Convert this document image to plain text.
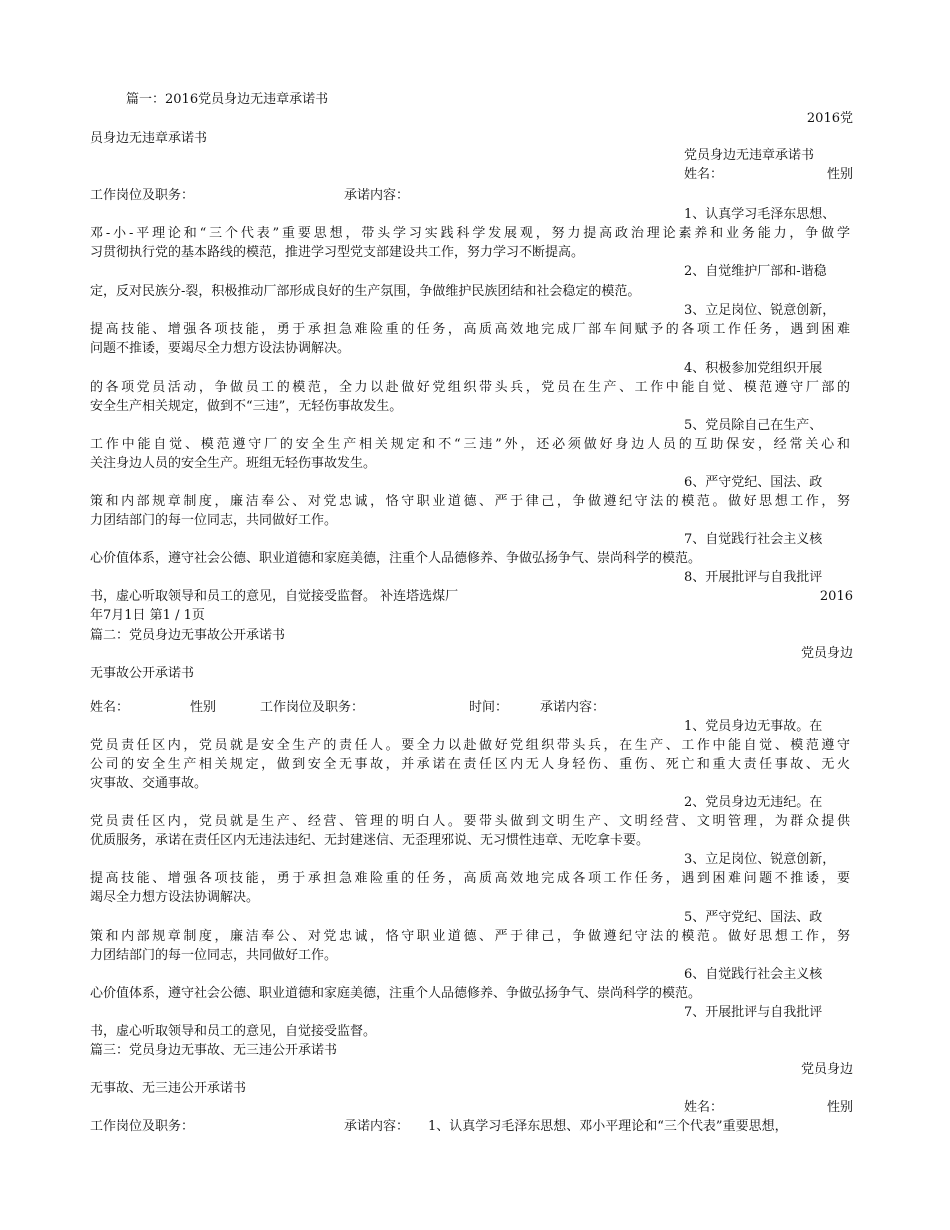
篇一：2016党员身边无违章承诺书
2016党
员身边无违章承诺书
党员身边无违章承诺书
姓名：	性别
工作岗位及职务：	承诺内容：
1、认真学习毛泽东思想、
邓-小-平理论和“三个代表”重要思想，带头学习实践科学发展观，努力提高政治理论素养和业务能力，争做学
习贯彻执行党的基本路线的模范，推进学习型党支部建设共工作，努力学习不断提高。
2、自觉维护厂部和-谐稳
定，反对民族分-裂，积极推动厂部形成良好的生产氛围，争做维护民族团结和社会稳定的模范。
3、立足岗位、锐意创新，
提高技能、增强各项技能，勇于承担急难险重的任务，高质高效地完成厂部车间赋予的各项工作任务，遇到困难
问题不推诿，要竭尽全力想方设法协调解决。
4、积极参加党组织开展
的各项党员活动，争做员工的模范，全力以赴做好党组织带头兵，党员在生产、工作中能自觉、模范遵守厂部的
安全生产相关规定，做到不“三违”，无轻伤事故发生。
5、党员除自己在生产、
工作中能自觉、模范遵守厂的安全生产相关规定和不“三违”外，还必须做好身边人员的互助保安，经常关心和
关注身边人员的安全生产。班组无轻伤事故发生。
6、严守党纪、国法、政
策和内部规章制度，廉洁奉公、对党忠诚，恪守职业道德、严于律己，争做遵纪守法的模范。做好思想工作，努
力团结部门的每一位同志，共同做好工作。
7、自觉践行社会主义核
心价值体系，遵守社会公德、职业道德和家庭美德，注重个人品德修养、争做弘扬争气、崇尚科学的模范。
8、开展批评与自我批评
书，虚心听取领导和员工的意见，自觉接受监督。 补连塔选煤厂	2016
年7月1日 第1 / 1页
篇二：党员身边无事故公开承诺书
党员身边
无事故公开承诺书
姓名：	性别	工作岗位及职务：	时间： 承诺内容：
1、党员身边无事故。在
党员责任区内，党员就是安全生产的责任人。要全力以赴做好党组织带头兵，在生产、工作中能自觉、模范遵守
公司的安全生产相关规定，做到安全无事故，并承诺在责任区内无人身轻伤、重伤、死亡和重大责任事故、无火
灾事故、交通事故。
2、党员身边无违纪。在
党员责任区内，党员就是生产、经营、管理的明白人。要带头做到文明生产、文明经营、文明管理，为群众提供
优质服务，承诺在责任区内无违法违纪、无封建迷信、无歪理邪说、无习惯性违章、无吃拿卡要。
3、立足岗位、锐意创新，
提高技能、增强各项技能，勇于承担急难险重的任务，高质高效地完成各项工作任务，遇到困难问题不推诿，要
竭尽全力想方设法协调解决。
5、严守党纪、国法、政
策和内部规章制度，廉洁奉公、对党忠诚，恪守职业道德、严于律己，争做遵纪守法的模范。做好思想工作，努
力团结部门的每一位同志，共同做好工作。
6、自觉践行社会主义核
心价值体系，遵守社会公德、职业道德和家庭美德，注重个人品德修养、争做弘扬争气、崇尚科学的模范。
7、开展批评与自我批评
书，虚心听取领导和员工的意见，自觉接受监督。
篇三：党员身边无事故、无三违公开承诺书
党员身边
无事故、无三违公开承诺书
姓名：	性别
工作岗位及职务：	承诺内容： 1、认真学习毛泽东思想、邓小平理论和“三个代表”重要思想，
